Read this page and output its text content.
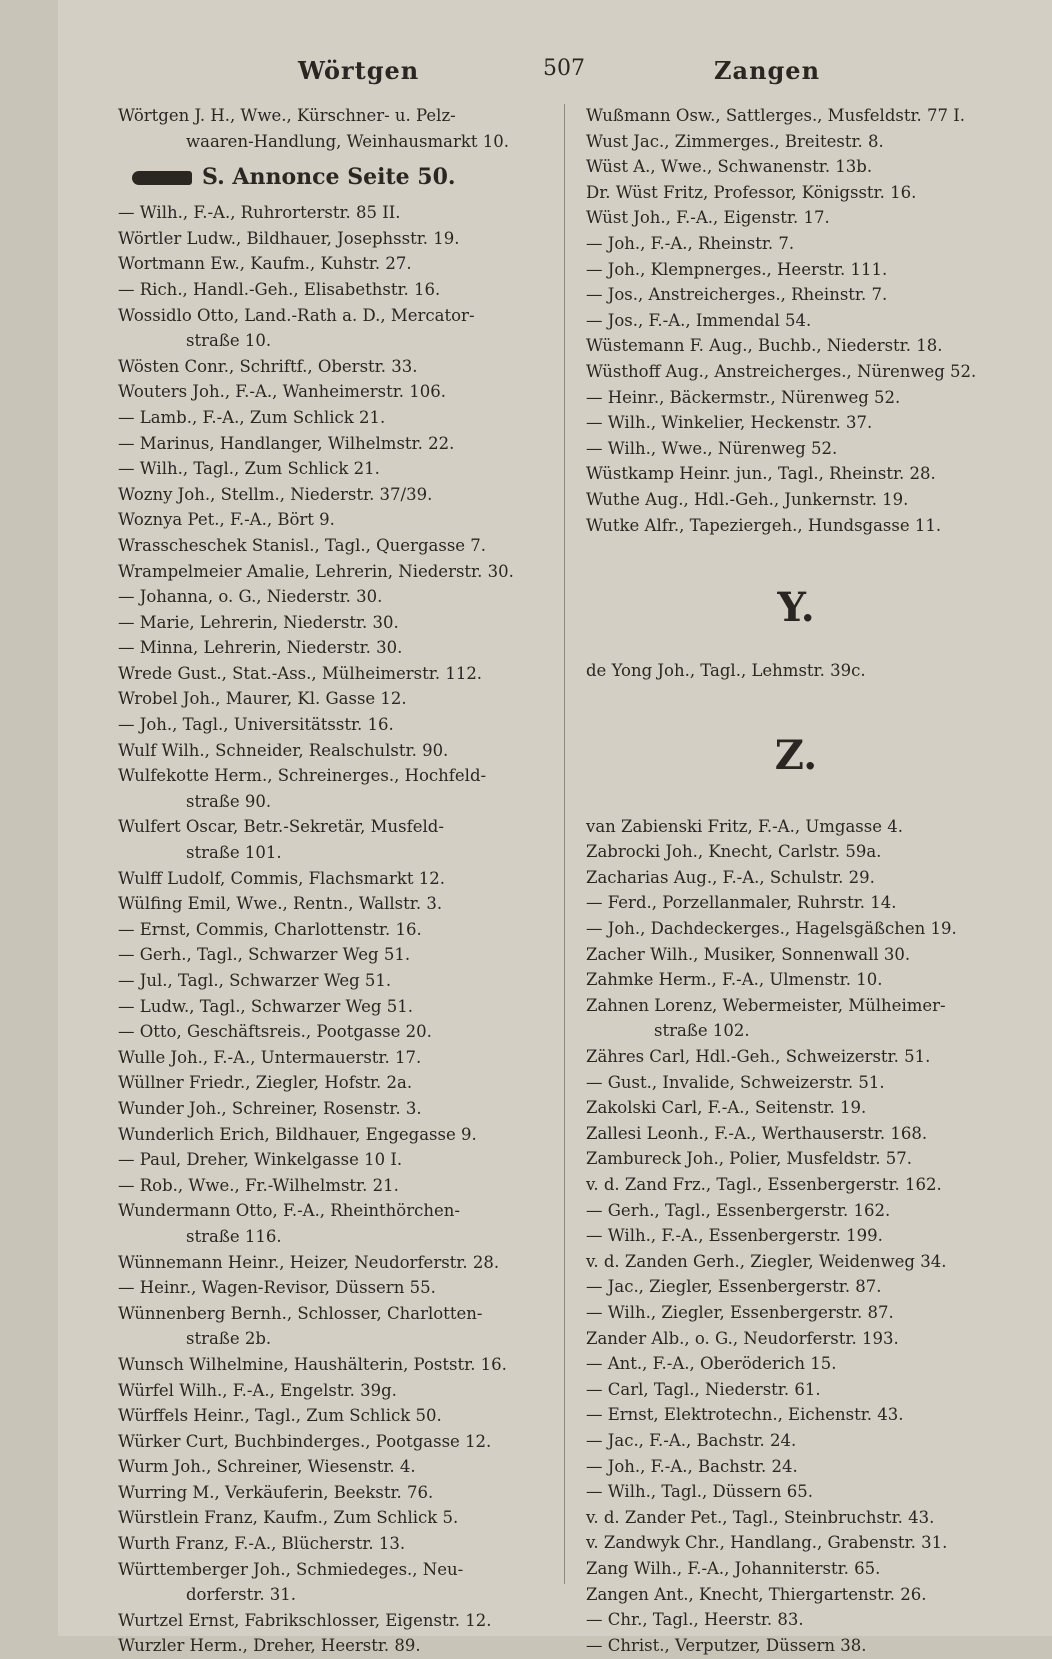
Wörtgen	507	Zangen
Wörtgen J. H., Wwe., Kürschner- u. Pelz-
waaren-Handlung, Weinhausmarkt 10.
S. Annonce Seite 50.
— Wilh., F.-A., Ruhrorterstr. 85 II.
Wörtler Ludw., Bildhauer, Josephsstr. 19.
Wortmann Ew., Kaufm., Kuhstr. 27.
— Rich., Handl.-Geh., Elisabethstr. 16.
Wossidlo Otto, Land.-Rath a. D., Mercator-
straße 10.
Wösten Conr., Schriftf., Oberstr. 33.
Wouters Joh., F.-A., Wanheimerstr. 106.
— Lamb., F.-A., Zum Schlick 21.
— Marinus, Handlanger, Wilhelmstr. 22.
— Wilh., Tagl., Zum Schlick 21.
Wozny Joh., Stellm., Niederstr. 37/39.
Woznya Pet., F.-A., Bört 9.
Wrasscheschek Stanisl., Tagl., Quergasse 7.
Wrampelmeier Amalie, Lehrerin, Niederstr. 30.
— Johanna, o. G., Niederstr. 30.
— Marie, Lehrerin, Niederstr. 30.
— Minna, Lehrerin, Niederstr. 30.
Wrede Gust., Stat.-Ass., Mülheimerstr. 112.
Wrobel Joh., Maurer, Kl. Gasse 12.
— Joh., Tagl., Universitätsstr. 16.
Wulf Wilh., Schneider, Realschulstr. 90.
Wulfekotte Herm., Schreinerges., Hochfeld-
straße 90.
Wulfert Oscar, Betr.-Sekretär, Musfeld-
straße 101.
Wulff Ludolf, Commis, Flachsmarkt 12.
Wülfing Emil, Wwe., Rentn., Wallstr. 3.
— Ernst, Commis, Charlottenstr. 16.
— Gerh., Tagl., Schwarzer Weg 51.
— Jul., Tagl., Schwarzer Weg 51.
— Ludw., Tagl., Schwarzer Weg 51.
— Otto, Geschäftsreis., Pootgasse 20.
Wulle Joh., F.-A., Untermauerstr. 17.
Wüllner Friedr., Ziegler, Hofstr. 2a.
Wunder Joh., Schreiner, Rosenstr. 3.
Wunderlich Erich, Bildhauer, Engegasse 9.
— Paul, Dreher, Winkelgasse 10 I.
— Rob., Wwe., Fr.-Wilhelmstr. 21.
Wundermann Otto, F.-A., Rheinthörchen-
straße 116.
Wünnemann Heinr., Heizer, Neudorferstr. 28.
— Heinr., Wagen-Revisor, Düssern 55.
Wünnenberg Bernh., Schlosser, Charlotten-
straße 2b.
Wunsch Wilhelmine, Haushälterin, Poststr. 16.
Würfel Wilh., F.-A., Engelstr. 39g.
Würffels Heinr., Tagl., Zum Schlick 50.
Würker Curt, Buchbinderges., Pootgasse 12.
Wurm Joh., Schreiner, Wiesenstr. 4.
Wurring M., Verkäuferin, Beekstr. 76.
Würstlein Franz, Kaufm., Zum Schlick 5.
Wurth Franz, F.-A., Blücherstr. 13.
Württemberger Joh., Schmiedeges., Neu-
dorferstr. 31.
Wurtzel Ernst, Fabrikschlosser, Eigenstr. 12.
Wurzler Herm., Dreher, Heerstr. 89.
Wußmann Osw., Sattlerges., Musfeldstr. 77 I.
Wust Jac., Zimmerges., Breitestr. 8.
Wüst A., Wwe., Schwanenstr. 13b.
Dr. Wüst Fritz, Professor, Königsstr. 16.
Wüst Joh., F.-A., Eigenstr. 17.
— Joh., F.-A., Rheinstr. 7.
— Joh., Klempnerges., Heerstr. 111.
— Jos., Anstreicherges., Rheinstr. 7.
— Jos., F.-A., Immendal 54.
Wüstemann F. Aug., Buchb., Niederstr. 18.
Wüsthoff Aug., Anstreicherges., Nürenweg 52.
— Heinr., Bäckermstr., Nürenweg 52.
— Wilh., Winkelier, Heckenstr. 37.
— Wilh., Wwe., Nürenweg 52.
Wüstkamp Heinr. jun., Tagl., Rheinstr. 28.
Wuthe Aug., Hdl.-Geh., Junkernstr. 19.
Wutke Alfr., Tapeziergeh., Hundsgasse 11.
Y.
de Yong Joh., Tagl., Lehmstr. 39c.
Z.
van Zabienski Fritz, F.-A., Umgasse 4.
Zabrocki Joh., Knecht, Carlstr. 59a.
Zacharias Aug., F.-A., Schulstr. 29.
— Ferd., Porzellanmaler, Ruhrstr. 14.
— Joh., Dachdeckerges., Hagelsgäßchen 19.
Zacher Wilh., Musiker, Sonnenwall 30.
Zahmke Herm., F.-A., Ulmenstr. 10.
Zahnen Lorenz, Webermeister, Mülheimer-
straße 102.
Zähres Carl, Hdl.-Geh., Schweizerstr. 51.
— Gust., Invalide, Schweizerstr. 51.
Zakolski Carl, F.-A., Seitenstr. 19.
Zallesi Leonh., F.-A., Werthauserstr. 168.
Zambureck Joh., Polier, Musfeldstr. 57.
v. d. Zand Frz., Tagl., Essenbergerstr. 162.
— Gerh., Tagl., Essenbergerstr. 162.
— Wilh., F.-A., Essenbergerstr. 199.
v. d. Zanden Gerh., Ziegler, Weidenweg 34.
— Jac., Ziegler, Essenbergerstr. 87.
— Wilh., Ziegler, Essenbergerstr. 87.
Zander Alb., o. G., Neudorferstr. 193.
— Ant., F.-A., Oberöderich 15.
— Carl, Tagl., Niederstr. 61.
— Ernst, Elektrotechn., Eichenstr. 43.
— Jac., F.-A., Bachstr. 24.
— Joh., F.-A., Bachstr. 24.
— Wilh., Tagl., Düssern 65.
v. d. Zander Pet., Tagl., Steinbruchstr. 43.
v. Zandwyk Chr., Handlang., Grabenstr. 31.
Zang Wilh., F.-A., Johanniterstr. 65.
Zangen Ant., Knecht, Thiergartenstr. 26.
— Chr., Tagl., Heerstr. 83.
— Christ., Verputzer, Düssern 38.
